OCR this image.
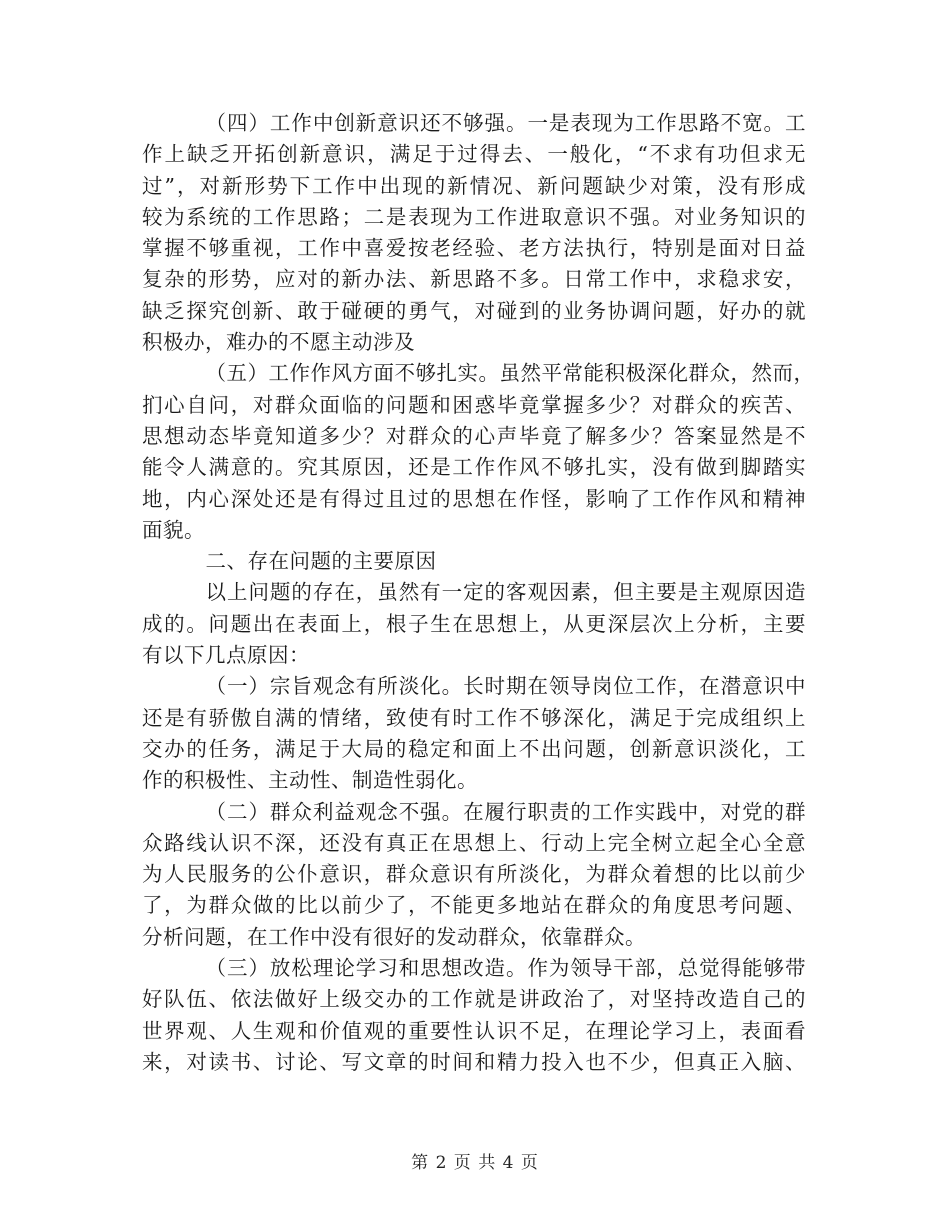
（四）工作中创新意识还不够强。一是表现为工作思路不宽。工
作上缺乏开拓创新意识，满足于过得去、一般化，“不求有功但求无
过”，对新形势下工作中出现的新情况、新问题缺少对策，没有形成
较为系统的工作思路；二是表现为工作进取意识不强。对业务知识的
掌握不够重视，工作中喜爱按老经验、老方法执行，特别是面对日益
复杂的形势，应对的新办法、新思路不多。日常工作中，求稳求安，
缺乏探究创新、敢于碰硬的勇气，对碰到的业务协调问题，好办的就
积极办，难办的不愿主动涉及
（五）工作作风方面不够扎实。虽然平常能积极深化群众，然而，
扪心自问，对群众面临的问题和困惑毕竟掌握多少？对群众的疾苦、
思想动态毕竟知道多少？对群众的心声毕竟了解多少？答案显然是不
能令人满意的。究其原因，还是工作作风不够扎实，没有做到脚踏实
地，内心深处还是有得过且过的思想在作怪，影响了工作作风和精神
面貌。
二、存在问题的主要原因
以上问题的存在，虽然有一定的客观因素，但主要是主观原因造
成的。问题出在表面上，根子生在思想上，从更深层次上分析，主要
有以下几点原因：
（一）宗旨观念有所淡化。长时期在领导岗位工作，在潜意识中
还是有骄傲自满的情绪，致使有时工作不够深化，满足于完成组织上
交办的任务，满足于大局的稳定和面上不出问题，创新意识淡化，工
作的积极性、主动性、制造性弱化。
（二）群众利益观念不强。在履行职责的工作实践中，对党的群
众路线认识不深，还没有真正在思想上、行动上完全树立起全心全意
为人民服务的公仆意识，群众意识有所淡化，为群众着想的比以前少
了，为群众做的比以前少了，不能更多地站在群众的角度思考问题、
分析问题，在工作中没有很好的发动群众，依靠群众。
（三）放松理论学习和思想改造。作为领导干部，总觉得能够带
好队伍、依法做好上级交办的工作就是讲政治了，对坚持改造自己的
世界观、人生观和价值观的重要性认识不足，在理论学习上，表面看
来，对读书、讨论、写文章的时间和精力投入也不少，但真正入脑、
第 2 页 共 4 页
